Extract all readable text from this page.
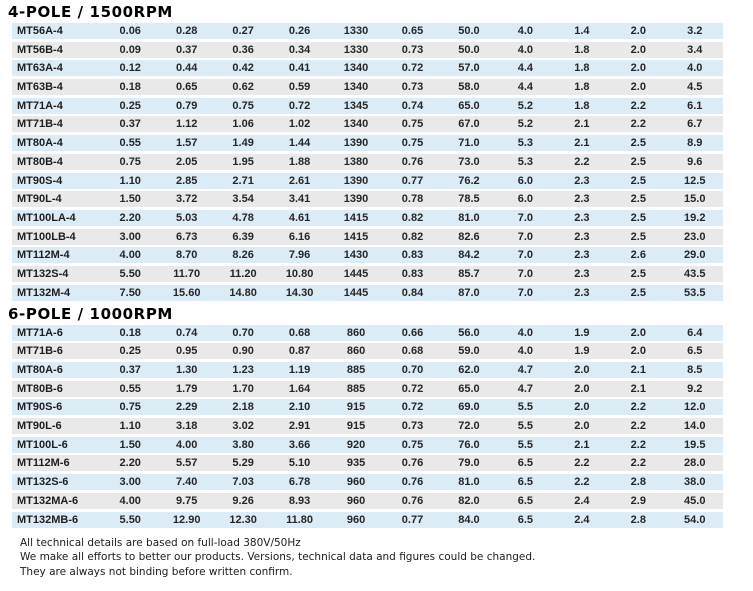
4-POLE / 1500RPM
MT56A-4	0.06	0.28	0.27	0.26	1330	0.65	50.0	4.0	1.4	2.0	3.2
MT56B-4	0.09	0.37	0.36	0.34	1330	0.73	50.0	4.0	1.8	2.0	3.4
MT63A-4	0.12	0.44	0.42	0.41	1340	0.72	57.0	4.4	1.8	2.0	4.0
MT63B-4	0.18	0.65	0.62	0.59	1340	0.73	58.0	4.4	1.8	2.0	4.5
MT71A-4	0.25	0.79	0.75	0.72	1345	0.74	65.0	5.2	1.8	2.2	6.1
MT71B-4	0.37	1.12	1.06	1.02	1340	0.75	67.0	5.2	2.1	2.2	6.7
MT80A-4	0.55	1.57	1.49	1.44	1390	0.75	71.0	5.3	2.1	2.5	8.9
MT80B-4	0.75	2.05	1.95	1.88	1380	0.76	73.0	5.3	2.2	2.5	9.6
MT90S-4	1.10	2.85	2.71	2.61	1390	0.77	76.2	6.0	2.3	2.5	12.5
MT90L-4	1.50	3.72	3.54	3.41	1390	0.78	78.5	6.0	2.3	2.5	15.0
MT100LA-4	2.20	5.03	4.78	4.61	1415	0.82	81.0	7.0	2.3	2.5	19.2
MT100LB-4	3.00	6.73	6.39	6.16	1415	0.82	82.6	7.0	2.3	2.5	23.0
MT112M-4	4.00	8.70	8.26	7.96	1430	0.83	84.2	7.0	2.3	2.6	29.0
MT132S-4	5.50	11.70	11.20	10.80	1445	0.83	85.7	7.0	2.3	2.5	43.5
MT132M-4	7.50	15.60	14.80	14.30	1445	0.84	87.0	7.0	2.3	2.5	53.5
6-POLE / 1000RPM
MT71A-6	0.18	0.74	0.70	0.68	860	0.66	56.0	4.0	1.9	2.0	6.4
MT71B-6	0.25	0.95	0.90	0.87	860	0.68	59.0	4.0	1.9	2.0	6.5
MT80A-6	0.37	1.30	1.23	1.19	885	0.70	62.0	4.7	2.0	2.1	8.5
MT80B-6	0.55	1.79	1.70	1.64	885	0.72	65.0	4.7	2.0	2.1	9.2
MT90S-6	0.75	2.29	2.18	2.10	915	0.72	69.0	5.5	2.0	2.2	12.0
MT90L-6	1.10	3.18	3.02	2.91	915	0.73	72.0	5.5	2.0	2.2	14.0
MT100L-6	1.50	4.00	3.80	3.66	920	0.75	76.0	5.5	2.1	2.2	19.5
MT112M-6	2.20	5.57	5.29	5.10	935	0.76	79.0	6.5	2.2	2.2	28.0
MT132S-6	3.00	7.40	7.03	6.78	960	0.76	81.0	6.5	2.2	2.8	38.0
MT132MA-6	4.00	9.75	9.26	8.93	960	0.76	82.0	6.5	2.4	2.9	45.0
MT132MB-6	5.50	12.90	12.30	11.80	960	0.77	84.0	6.5	2.4	2.8	54.0

All technical details are based on full-load 380V/50Hz

We make all efforts to better our products. Versions, technical data and figures could be changed.

They are always not binding before written confirm.
